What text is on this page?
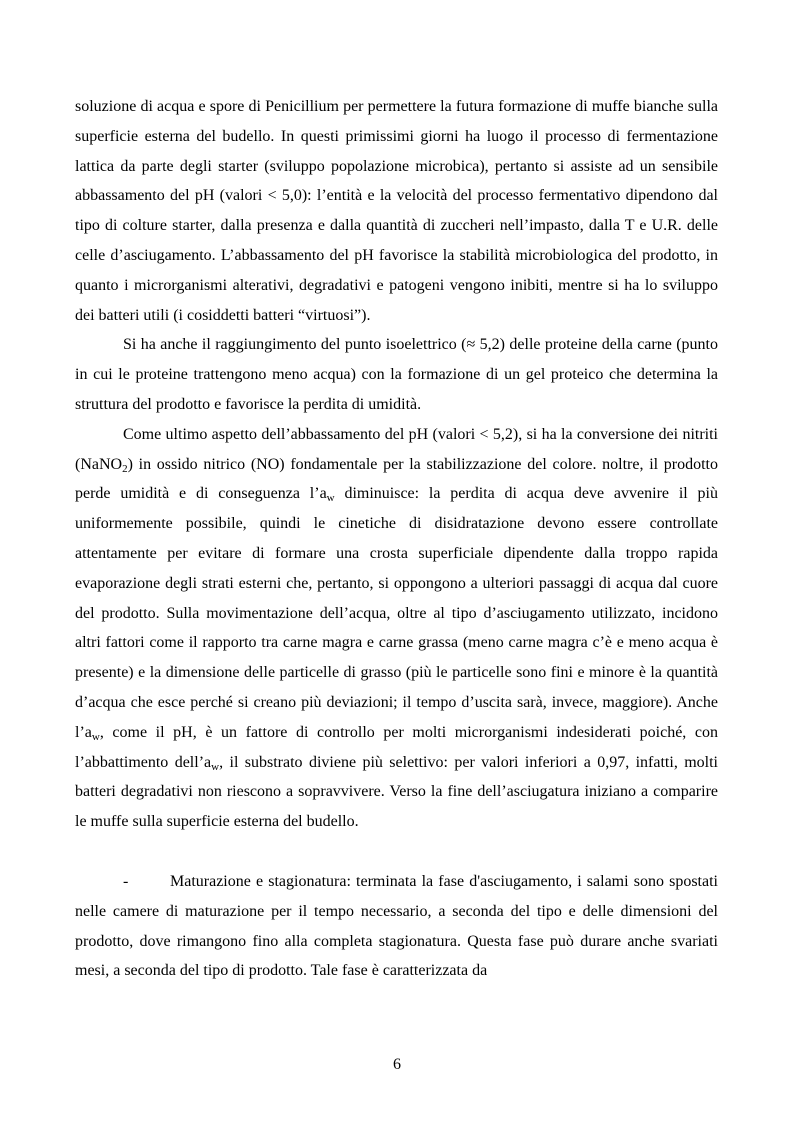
soluzione di acqua e spore di Penicillium per permettere la futura formazione di muffe bianche sulla superficie esterna del budello. In questi primissimi giorni ha luogo il processo di fermentazione lattica da parte degli starter (sviluppo popolazione microbica), pertanto si assiste ad un sensibile abbassamento del pH (valori < 5,0): l’entità e la velocità del processo fermentativo dipendono dal tipo di colture starter, dalla presenza e dalla quantità di zuccheri nell’impasto, dalla T e U.R. delle celle d’asciugamento. L’abbassamento del pH favorisce la stabilità microbiologica del prodotto, in quanto i microrganismi alterativi, degradativi e patogeni vengono inibiti, mentre si ha lo sviluppo dei batteri utili (i cosiddetti batteri “virtuosi”).

Si ha anche il raggiungimento del punto isoelettrico (≈ 5,2) delle proteine della carne (punto in cui le proteine trattengono meno acqua) con la formazione di un gel proteico che determina la struttura del prodotto e favorisce la perdita di umidità.

Come ultimo aspetto dell’abbassamento del pH (valori < 5,2), si ha la conversione dei nitriti (NaNO$_2$) in ossido nitrico (NO) fondamentale per la stabilizzazione del colore. noltre, il prodotto perde umidità e di conseguenza $l’a_w$ diminuisce: la perdita di acqua deve avvenire il più uniformemente possibile, quindi le cinetiche di disidratazione devono essere controllate attentamente per evitare di formare una crosta superficiale dipendente dalla troppo rapida evaporazione degli strati esterni che, pertanto, si oppongono a ulteriori passaggi di acqua dal cuore del prodotto. Sulla movimentazione dell’acqua, oltre al tipo d’asciugamento utilizzato, incidono altri fattori come il rapporto tra carne magra e carne grassa (meno carne magra c’è e meno acqua è presente) e la dimensione delle particelle di grasso (più le particelle sono fini e minore è la quantità d’acqua che esce perché si creano più deviazioni; il tempo d’uscita sarà, invece, maggiore). Anche $l’a_w$, come il pH, è un fattore di controllo per molti microrganismi indesiderati poiché, con l’abbattimento $dell’a_w$, il substrato diviene più selettivo: per valori inferiori a 0,97, infatti, molti batteri degradativi non riescono a sopravvivere. Verso la fine dell’asciugatura iniziano a comparire le muffe sulla superficie esterna del budello.

-	Maturazione e stagionatura: terminata la fase d'asciugamento, i salami sono spostati nelle camere di maturazione per il tempo necessario, a seconda del tipo e delle dimensioni del prodotto, dove rimangono fino alla completa stagionatura. Questa fase può durare anche svariati mesi, a seconda del tipo di prodotto. Tale fase è caratterizzata da

6
